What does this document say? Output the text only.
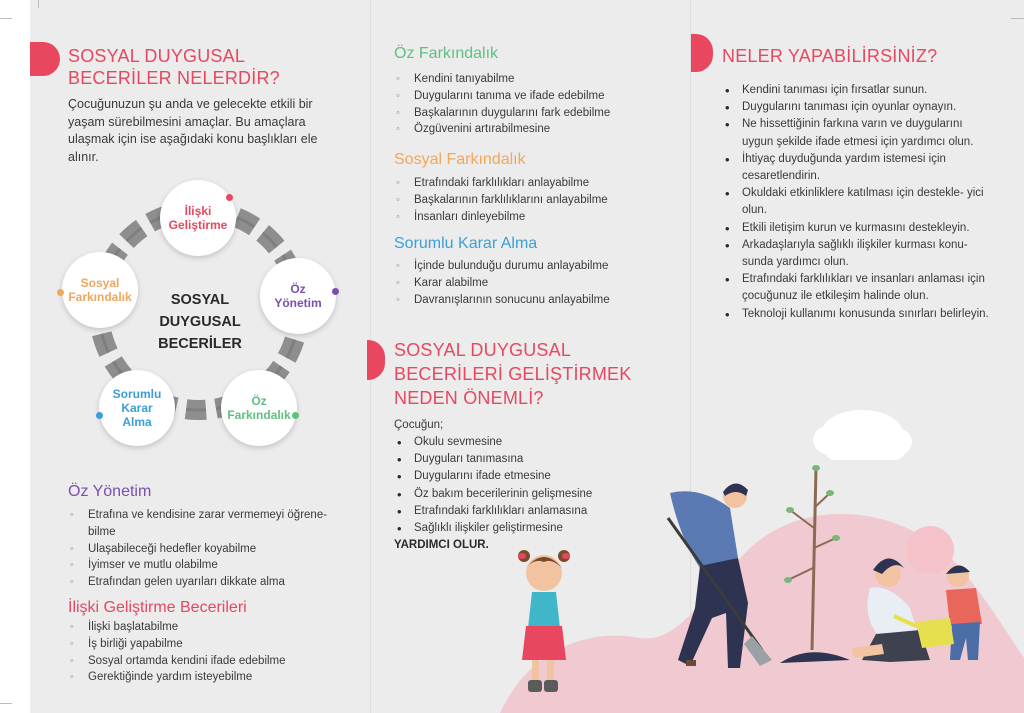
SOSYAL DUYGUSAL
BECERİLER NELERDİR?
Çocuğunuzun şu anda ve gelecekte etkili bir yaşam sürebilmesini amaçlar. Bu amaçlara ulaşmak için ise aşağıdaki konu başlıkları ele alınır.
SOSYAL
DUYGUSAL
BECERİLER
İlişki
Geliştirme
Öz
Yönetim
Öz
Farkındalık
Sorumlu
Karar
Alma
Sosyal
Farkındalık
Öz Yönetim
◦ Etrafına ve kendisine zarar vermemeyi öğrene- bilme
◦ Ulaşabileceği hedefler koyabilme
◦ İyimser ve mutlu olabilme
◦ Etrafından gelen uyarıları dikkate alma
İlişki Geliştirme Becerileri
◦ İlişki başlatabilme
◦ İş birliği yapabilme
◦ Sosyal ortamda kendini ifade edebilme
◦ Gerektiğinde yardım isteyebilme
Öz Farkındalık
◦ Kendini tanıyabilme
◦ Duygularını tanıma ve ifade edebilme
◦ Başkalarının duygularını fark edebilme
◦ Özgüvenini artırabilmesine
Sosyal Farkındalık
◦ Etrafındaki farklılıkları anlayabilme
◦ Başkalarının farklılıklarını anlayabilme
◦ İnsanları dinleyebilme
Sorumlu Karar Alma
◦ İçinde bulunduğu durumu anlayabilme
◦ Karar alabilme
◦ Davranışlarının sonucunu anlayabilme
SOSYAL DUYGUSAL
BECERİLERİ GELİŞTİRMEK
NEDEN ÖNEMLİ?
Çocuğun;
• Okulu sevmesine
• Duyguları tanımasına
• Duygularını ifade etmesine
• Öz bakım becerilerinin gelişmesine
• Etrafındaki farklılıkları anlamasına
• Sağlıklı ilişkiler geliştirmesine
YARDIMCI OLUR.
NELER YAPABİLİRSİNİZ?
• Kendini tanıması için fırsatlar sunun.
• Duygularını tanıması için oyunlar oynayın.
• Ne hissettiğinin farkına varın ve duygularını uygun şekilde ifade etmesi için yardımcı olun.
• İhtiyaç duyduğunda yardım istemesi için cesaretlendirin.
• Okuldaki etkinliklere katılması için destekle- yici olun.
• Etkili iletişim kurun ve kurmasını destekleyin.
• Arkadaşlarıyla sağlıklı ilişkiler kurması konu- sunda yardımcı olun.
• Etrafındaki farklılıkları ve insanları anlaması için çocuğunuz ile etkileşim halinde olun.
• Teknoloji kullanımı konusunda sınırları belirleyin.
